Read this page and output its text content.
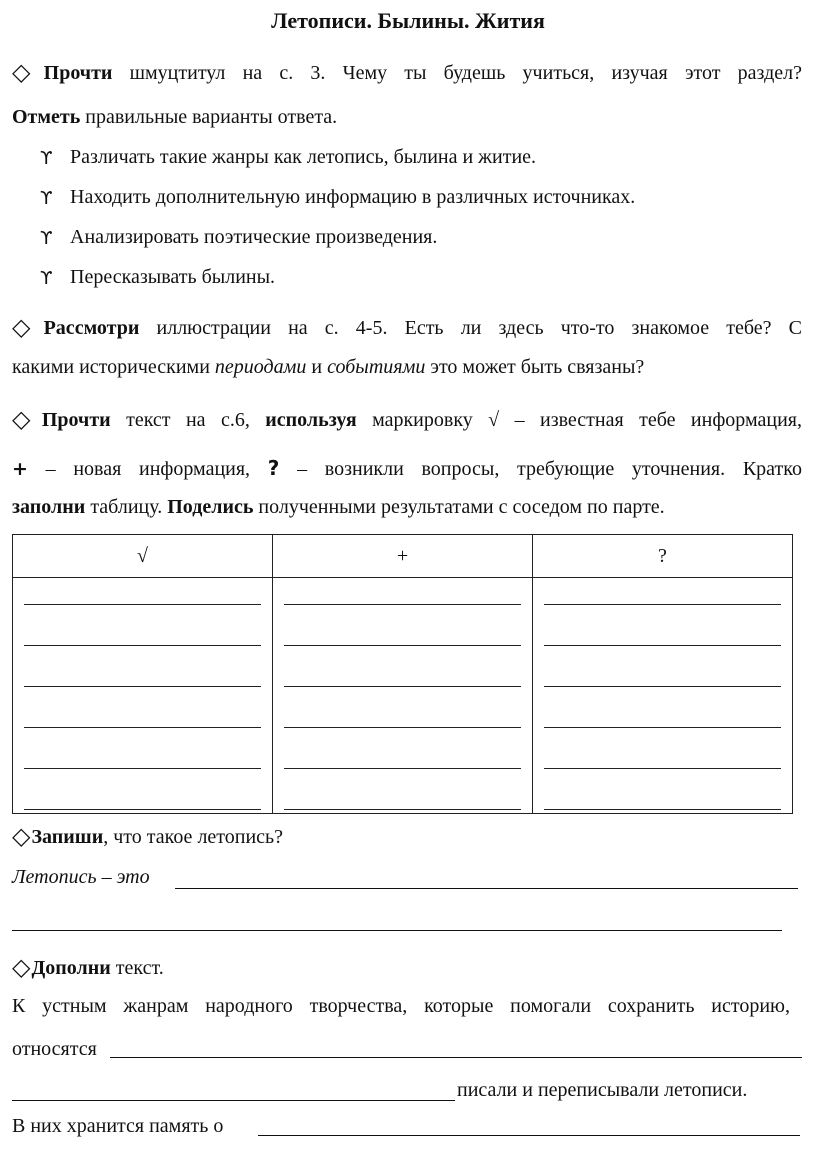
Летописи. Былины. Жития
◇Прочти шмуцтитул на с. 3. Чему ты будешь учиться, изучая этот раздел?
Отметь правильные варианты ответа.
ϒ Различать такие жанры как летопись, былина и житие.
ϒ Находить дополнительную информацию в различных источниках.
ϒ Анализировать поэтические произведения.
ϒ Пересказывать былины.
◇Рассмотри иллюстрации на с. 4-5. Есть ли здесь что-то знакомое тебе? С
какими историческими периодами и событиями это может быть связаны?
◇Прочти текст на с.6, используя маркировку √ – известная тебе информация,
+ – новая информация, ? – возникли вопросы, требующие уточнения. Кратко
заполни таблицу. Поделись полученными результатами с соседом по парте.
√	+	?

◇Запиши, что такое летопись?
Летопись – это
◇Дополни текст.
К устным жанрам народного творчества, которые помогали сохранить историю,
относятся
писали и переписывали летописи.
В них хранится память о
